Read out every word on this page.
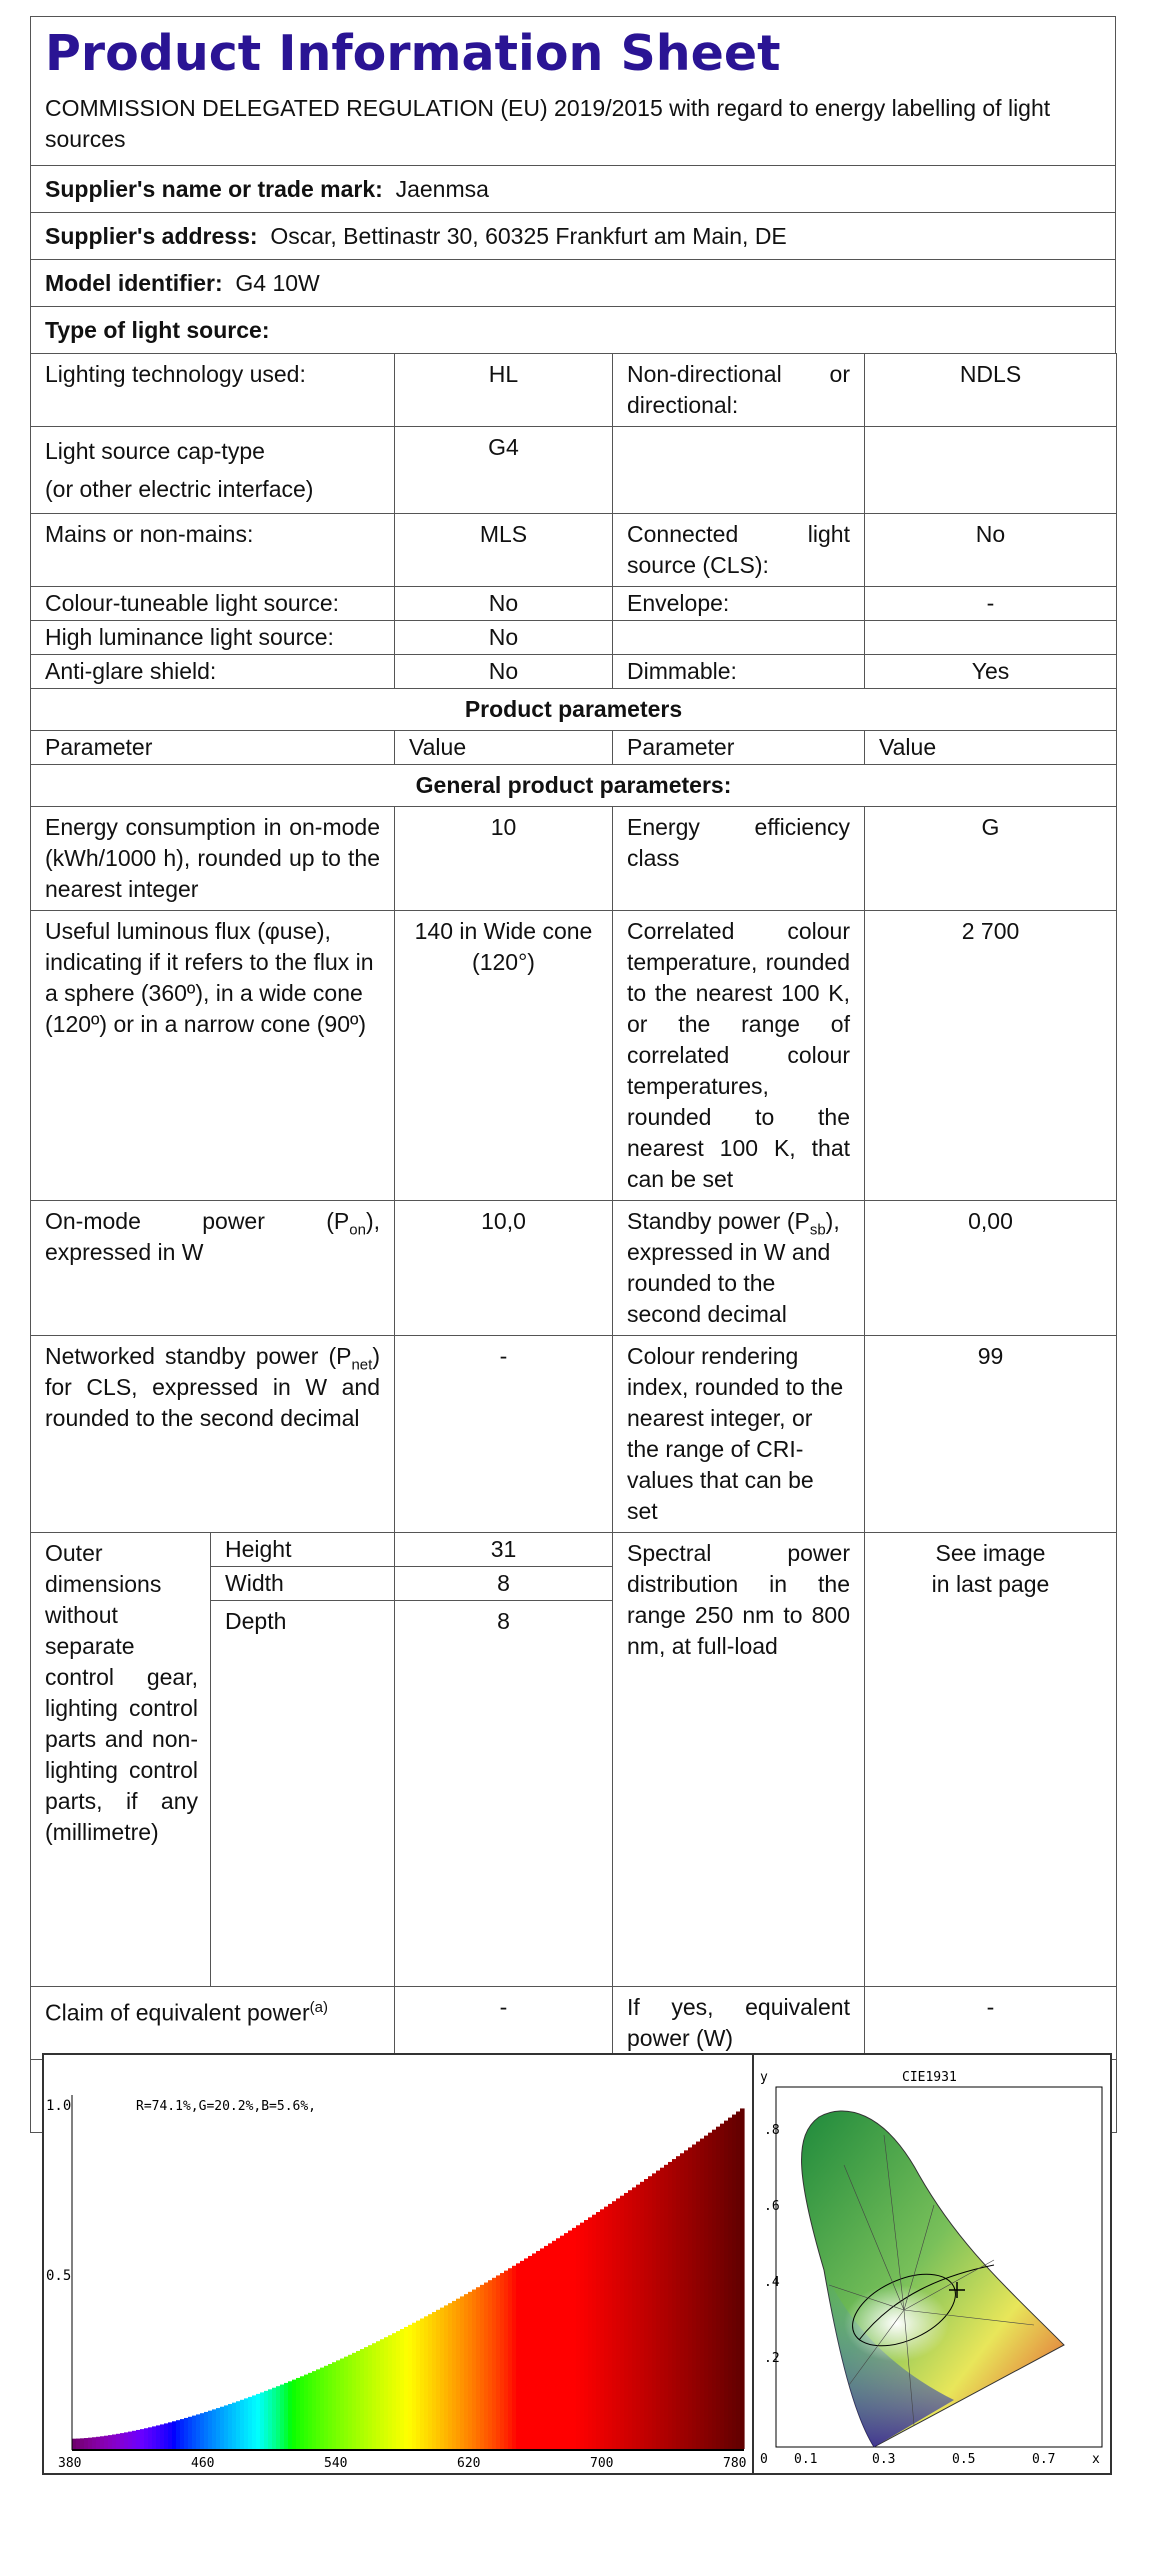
Product Information Sheet
COMMISSION DELEGATED REGULATION (EU) 2019/2015 with regard to energy labelling of light sources
Supplier's name or trade mark: Jaenmsa
Supplier's address: Oscar, Bettinastr 30, 60325 Frankfurt am Main, DE
Model identifier: G4 10W
Type of light source:
Lighting technology used:		HL	Non-directional or directional:	NDLS
Light source cap-type
(or other electric interface)		G4		
Mains or non-mains:		MLS	Connected light source (CLS):	No
Colour-tuneable light source:		No	Envelope:	-
High luminance light source:		No		
Anti-glare shield:		No	Dimmable:	Yes
Product parameters				
Parameter		Value	Parameter	Value
General product parameters:				
Energy consumption in on-mode (kWh/1000 h), rounded up to the nearest integer		10	Energy efficiency class	G
Useful luminous flux (φuse), indicating if it refers to the flux in a sphere (360º), in a wide cone (120º) or in a narrow cone (90º)		140 in Wide cone (120°)	Correlated colour temperature, rounded to the nearest 100 K, or the range of correlated colour temperatures, rounded to the nearest 100 K, that can be set	2 700
On-mode power $(P_{on})$, expressed in W		10,0	Standby power $(P_{sb})$, expressed in W and rounded to the second decimal	0,00
Networked standby power $(P_{net})$ for CLS, expressed in W and rounded to the second decimal		-	Colour rendering index, rounded to the nearest integer, or the range of CRI-values that can be set	99
Outer dimensions without separate control gear, lighting control parts and non-lighting control parts, if any (millimetre)	Height	31	Spectral power distribution in the range 250 nm to 800 nm, at full-load	See image
in last page
	Width	8		
	Depth	8		
Claim of equivalent power$^{(a)}$		-	If yes, equivalent power (W)	-

1.0
0.5
R=74.1%,G=20.2%,B=5.6%,
380	460	540	620	700	780
y	CIE1931
.8
.6
.4
.2
0 0.1	0.3	0.5	0.7	x
